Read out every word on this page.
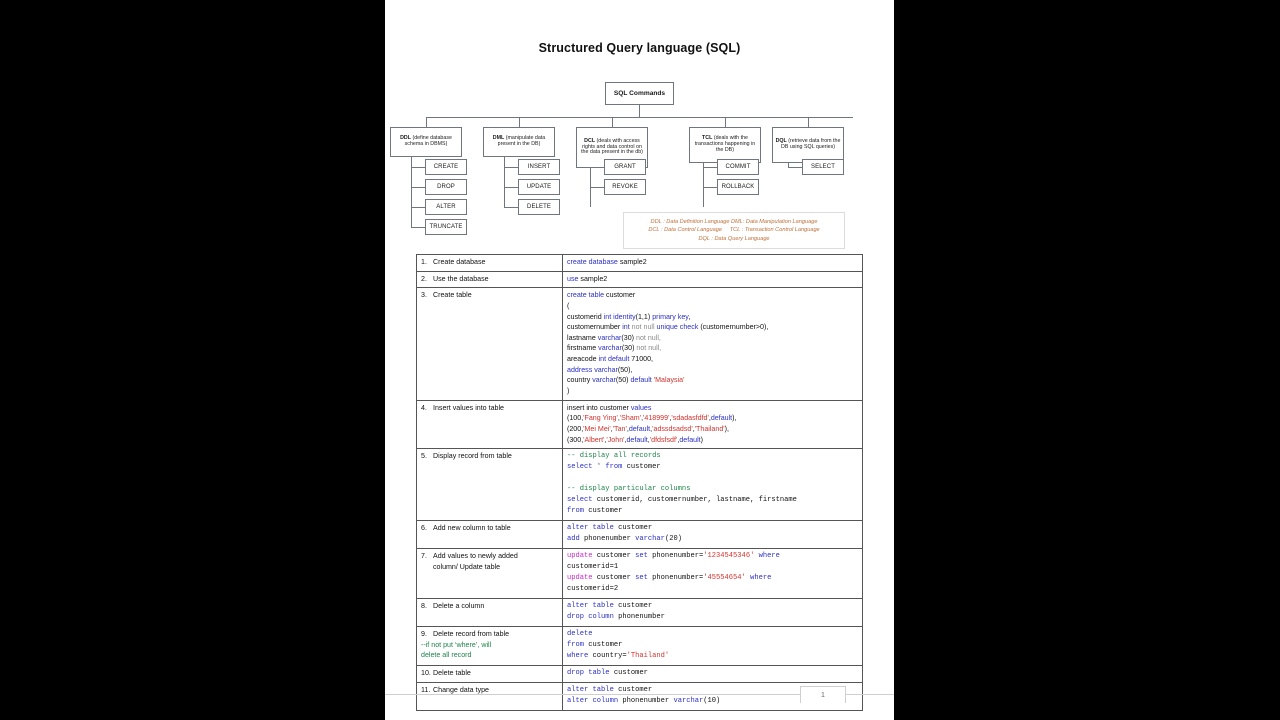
Structured Query language (SQL)
SQL Commands
DDL (define database schema in DBMS)
DML (manipulate data present in the DB)
DCL (deals with access rights and data control on the data present in the db)
TCL (deals with the transactions happening in the DB)
DQL (retrieve data from the DB using SQL queries)
CREATE
DROP
ALTER
TRUNCATE
INSERT
UPDATE
DELETE
GRANT
REVOKE
COMMIT
ROLLBACK
SELECT
DDL : Data Definition Language DML: Data Manipulation Language
DCL : Data Control Language     TCL : Transaction Control Language
DQL : Data Query Language
1. Create database	create database sample2
2. Use the database	use sample2
3. Create table	create table customer
(
customerid int identity(1,1) primary key,
customernumber int not null unique check (customernumber>0),
lastname varchar(30) not null,
firstname varchar(30) not null,
areacode int default 71000,
address varchar(50),
country varchar(50) default 'Malaysia'
)
4. Insert values into table	insert into customer values
(100,'Fang Ying','Sham','418999','sdadasfdfd',default),
(200,'Mei Mei','Tan',default,'adssdsadsd','Thailand'),
(300,'Albert','John',default,'dfdsfsdf',default)
5. Display record from table	-- display all records
select * from customer

-- display particular columns
select customerid, customernumber, lastname, firstname
from customer
6. Add new column to table	alter table customer
add phonenumber varchar(20)
7. Add values to newly added
column/ Update table	update customer set phonenumber='1234545346' where
customerid=1
update customer set phonenumber='45554654' where
customerid=2
8. Delete a column	alter table customer
drop column phonenumber
9. Delete record from table
--if not put ‘where’, will
delete all record	delete
from customer
where country='Thailand'
10. Delete table	drop table customer
11. Change data type	alter table customer
alter column phonenumber varchar(10)
1
